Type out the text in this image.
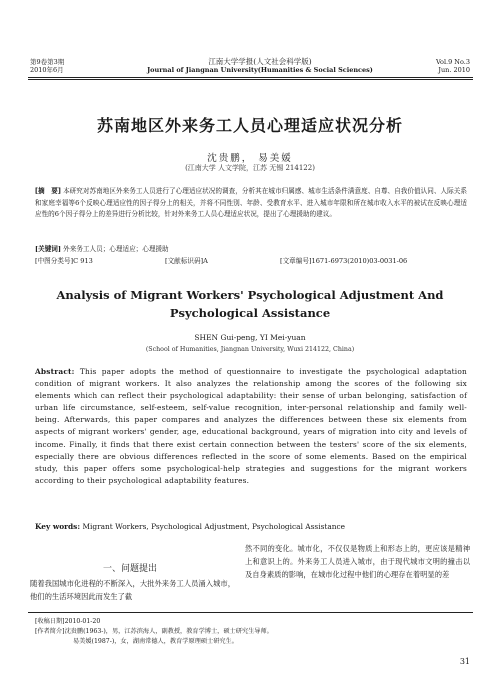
第9卷第3期
2010年6月
江南大学学报(人文社会科学版)
Journal of Jiangnan University(Humanities & Social Sciences)
Vol.9 No.3
Jun. 2010
苏南地区外来务工人员心理适应状况分析
沈贵鹏， 易美媛
(江南大学 人文学院，江苏 无锡 214122)
[摘　要] 本研究对苏南地区外来务工人员进行了心理适应状况的调查，分析其在城市归属感、城市生活条件满意度、自尊、自我价值认同、人际关系和家庭幸福等6个反映心理适应性的因子得分上的相关，并将不同性别、年龄、受教育水平、进入城市年限和所在城市收入水平的被试在反映心理适应性的6个因子得分上的差异进行分析比较，针对外来务工人员心理适应状况，提出了心理援助的建议。
[关键词] 外来务工人员；心理适应；心理援助
[中图分类号]C 913	[文献标识码]A	[文章编号]1671-6973(2010)03-0031-06
Analysis of Migrant Workers' Psychological Adjustment And Psychological Assistance
SHEN Gui-peng, YI Mei-yuan
(School of Humanities, Jiangnan University, Wuxi 214122, China)
Abstract: This paper adopts the method of questionnaire to investigate the psychological adaptation condition of migrant workers. It also analyzes the relationship among the scores of the following six elements which can reflect their psychological adaptability: their sense of urban belonging, satisfaction of urban life circumstance, self-esteem, self-value recognition, inter-personal relationship and family well-being. Afterwards, this paper compares and analyzes the differences between these six elements from aspects of migrant workers' gender, age, educational background, years of migration into city and levels of income. Finally, it finds that there exist certain connection between the testers' score of the six elements, especially there are obvious differences reflected in the score of some elements. Based on the empirical study, this paper offers some psychological-help strategies and suggestions for the migrant workers according to their psychological adaptability features.
Key words: Migrant Workers, Psychological Adjustment, Psychological Assistance
一、问题提出
随着我国城市化进程的不断深入，大批外来务工人员涌入城市，他们的生活环境因此而发生了截
然不同的变化。城市化，不仅仅是物质上和形态上的，更应该是精神上和意识上的。外来务工人员进入城市，由于现代城市文明的撞击以及自身素质的影响，在城市化过程中他们的心理存在着明显的差
[收稿日期]2010-01-20
[作者简介]沈贵鹏(1963-)，男，江苏滨海人，副教授，教育学博士，硕士研究生导师。
易美媛(1987-)，女，湖南常德人，教育学原理硕士研究生。
31
